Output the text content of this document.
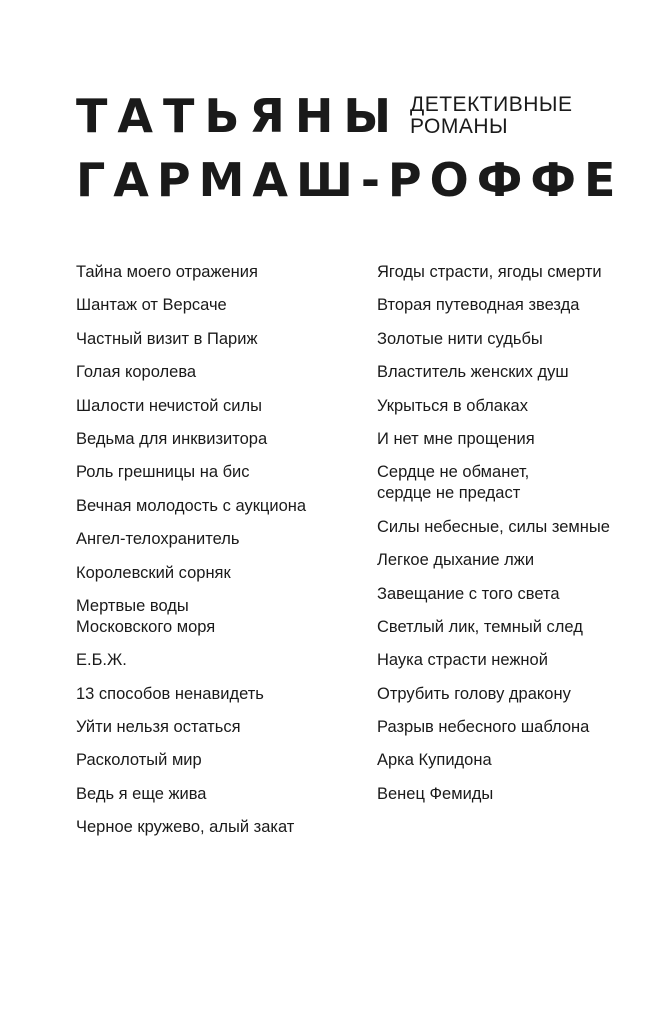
ТАТЬЯНЫ ДЕТЕКТИВНЫЕ
РОМАНЫ
ГАРМАШ-РОФФЕ
Тайна моего отражения
Шантаж от Версаче
Частный визит в Париж
Голая королева
Шалости нечистой силы
Ведьма для инквизитора
Роль грешницы на бис
Вечная молодость с аукциона
Ангел-телохранитель
Королевский сорняк
Мертвые воды
Московского моря
Е.Б.Ж.
13 способов ненавидеть
Уйти нельзя остаться
Расколотый мир
Ведь я еще жива
Черное кружево, алый закат
Ягоды страсти, ягоды смерти
Вторая путеводная звезда
Золотые нити судьбы
Властитель женских душ
Укрыться в облаках
И нет мне прощения
Сердце не обманет,
сердце не предаст
Силы небесные, силы земные
Легкое дыхание лжи
Завещание с того света
Светлый лик, темный след
Наука страсти нежной
Отрубить голову дракону
Разрыв небесного шаблона
Арка Купидона
Венец Фемиды
